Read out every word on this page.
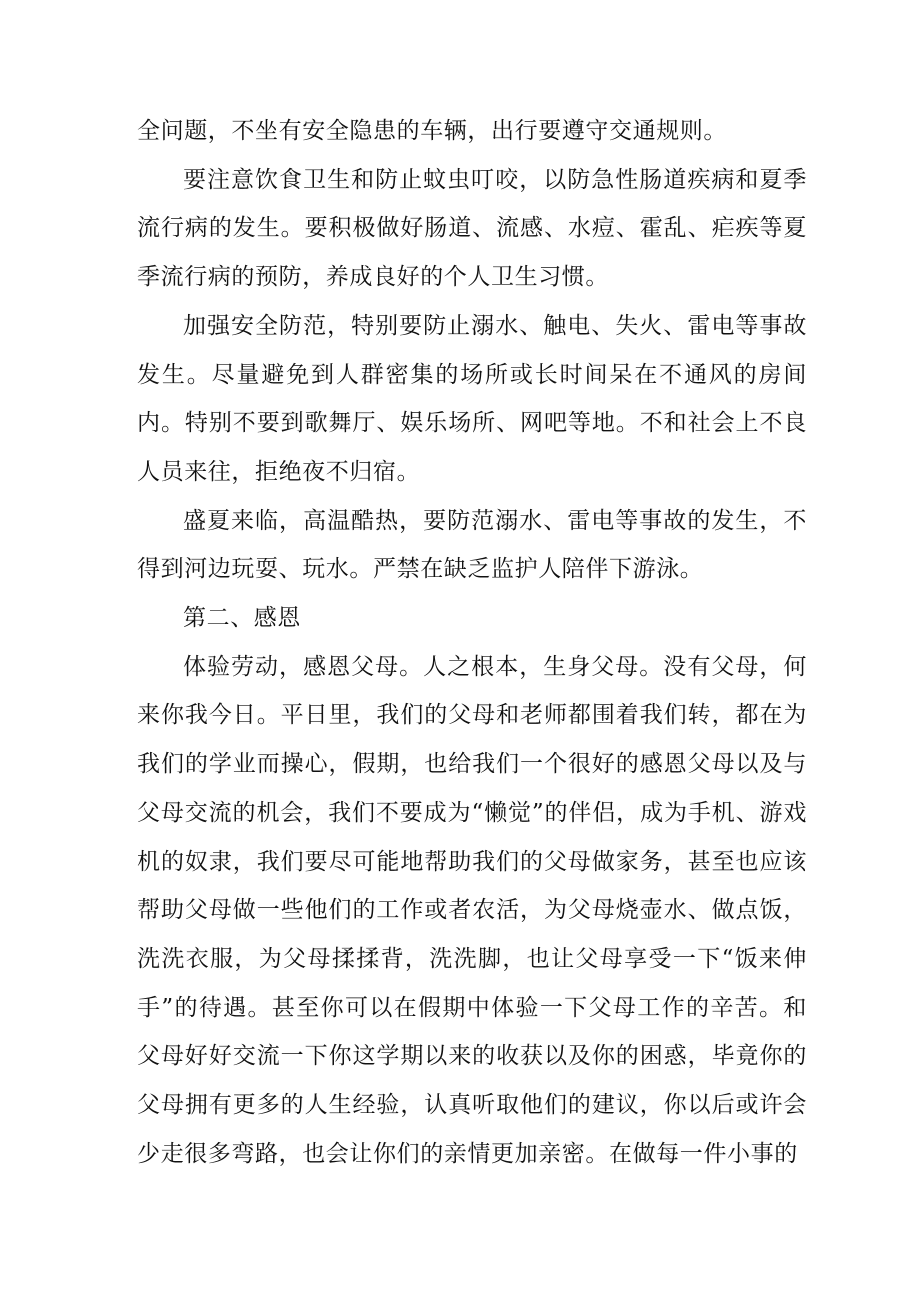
全问题，不坐有安全隐患的车辆，出行要遵守交通规则。

要注意饮食卫生和防止蚊虫叮咬，以防急性肠道疾病和夏季流行病的发生。要积极做好肠道、流感、水痘、霍乱、疟疾等夏季流行病的预防，养成良好的个人卫生习惯。

加强安全防范，特别要防止溺水、触电、失火、雷电等事故发生。尽量避免到人群密集的场所或长时间呆在不通风的房间内。特别不要到歌舞厅、娱乐场所、网吧等地。不和社会上不良人员来往，拒绝夜不归宿。

盛夏来临，高温酷热，要防范溺水、雷电等事故的发生，不得到河边玩耍、玩水。严禁在缺乏监护人陪伴下游泳。

第二、感恩

体验劳动，感恩父母。人之根本，生身父母。没有父母，何来你我今日。平日里，我们的父母和老师都围着我们转，都在为我们的学业而操心，假期，也给我们一个很好的感恩父母以及与父母交流的机会，我们不要成为“懒觉”的伴侣，成为手机、游戏机的奴隶，我们要尽可能地帮助我们的父母做家务，甚至也应该帮助父母做一些他们的工作或者农活，为父母烧壶水、做点饭，洗洗衣服，为父母揉揉背，洗洗脚，也让父母享受一下“饭来伸手”的待遇。甚至你可以在假期中体验一下父母工作的辛苦。和父母好好交流一下你这学期以来的收获以及你的困惑，毕竟你的父母拥有更多的人生经验，认真听取他们的建议，你以后或许会少走很多弯路，也会让你们的亲情更加亲密。在做每一件小事的
